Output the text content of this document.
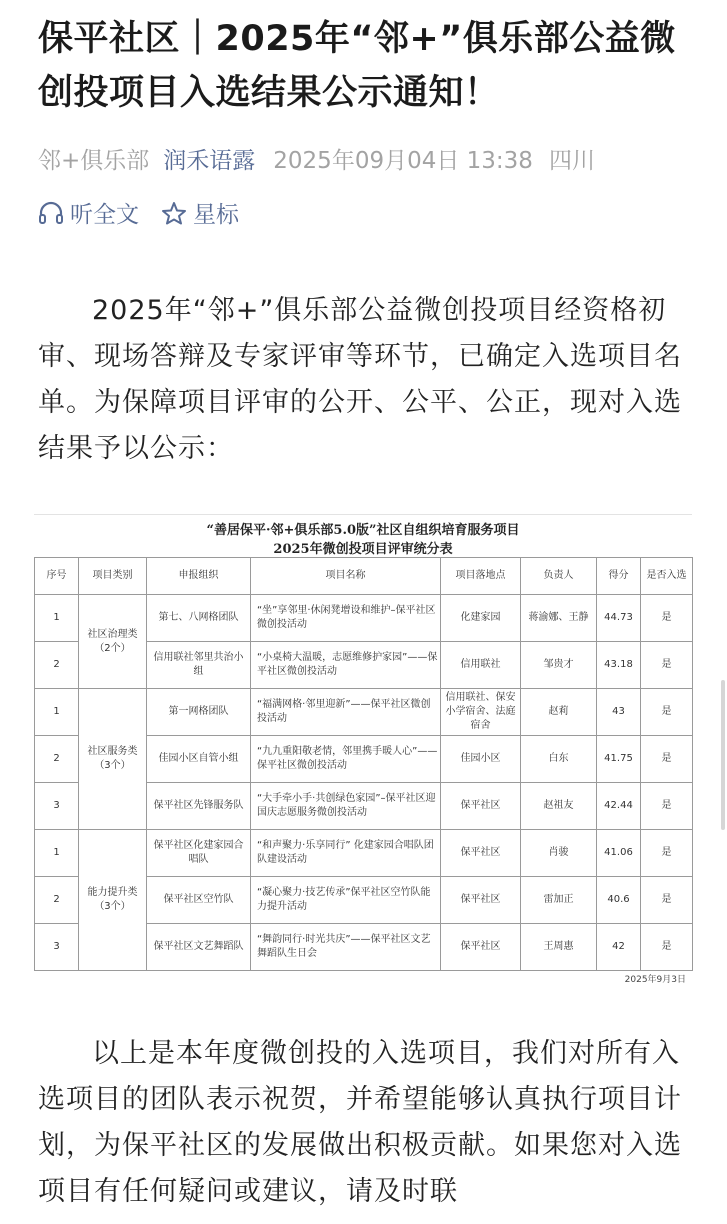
保平社区｜2025年“邻+”俱乐部公益微创投项目入选结果公示通知！
邻+俱乐部 润禾语露 2025年09月04日 13:38 四川
听全文 星标

2025年“邻+”俱乐部公益微创投项目经资格初审、现场答辩及专家评审等环节，已确定入选项目名单。为保障项目评审的公开、公平、公正，现对入选结果予以公示：

“善居保平·邻+俱乐部5.0版”社区自组织培育服务项目
2025年微创投项目评审统分表
序号	项目类别	申报组织	项目名称	项目落地点	负责人	得分	是否入选
1	社区治理类（2个）	第七、八网格团队	“坐”享邻里·休闲凳增设和维护–保平社区微创投活动	化建家园	蒋渝娜、王静	44.73	是
2		信用联社邻里共治小组	“小桌椅大温暖，志愿维修护家园”——保平社区微创投活动	信用联社	邹贵才	43.18	是
1	社区服务类（3个）	第一网格团队	“福满网格·邻里迎新”——保平社区微创投活动	信用联社、保安小学宿舍、法庭宿舍	赵莉	43	是
2		佳园小区自管小组	“九九重阳敬老情，邻里携手暖人心”——保平社区微创投活动	佳园小区	白东	41.75	是
3		保平社区先锋服务队	“大手牵小手·共创绿色家园”–保平社区迎国庆志愿服务微创投活动	保平社区	赵祖友	42.44	是
1	能力提升类（3个）	保平社区化建家园合唱队	“和声聚力·乐享同行” 化建家园合唱队团队建设活动	保平社区	肖骏	41.06	是
2		保平社区空竹队	“凝心聚力·技艺传承”保平社区空竹队能力提升活动	保平社区	雷加正	40.6	是
3		保平社区文艺舞蹈队	“舞韵同行·时光共庆”——保平社区文艺舞蹈队生日会	保平社区	王周惠	42	是
2025年9月3日

以上是本年度微创投的入选项目，我们对所有入选项目的团队表示祝贺，并希望能够认真执行项目计划，为保平社区的发展做出积极贡献。如果您对入选项目有任何疑问或建议，请及时联
